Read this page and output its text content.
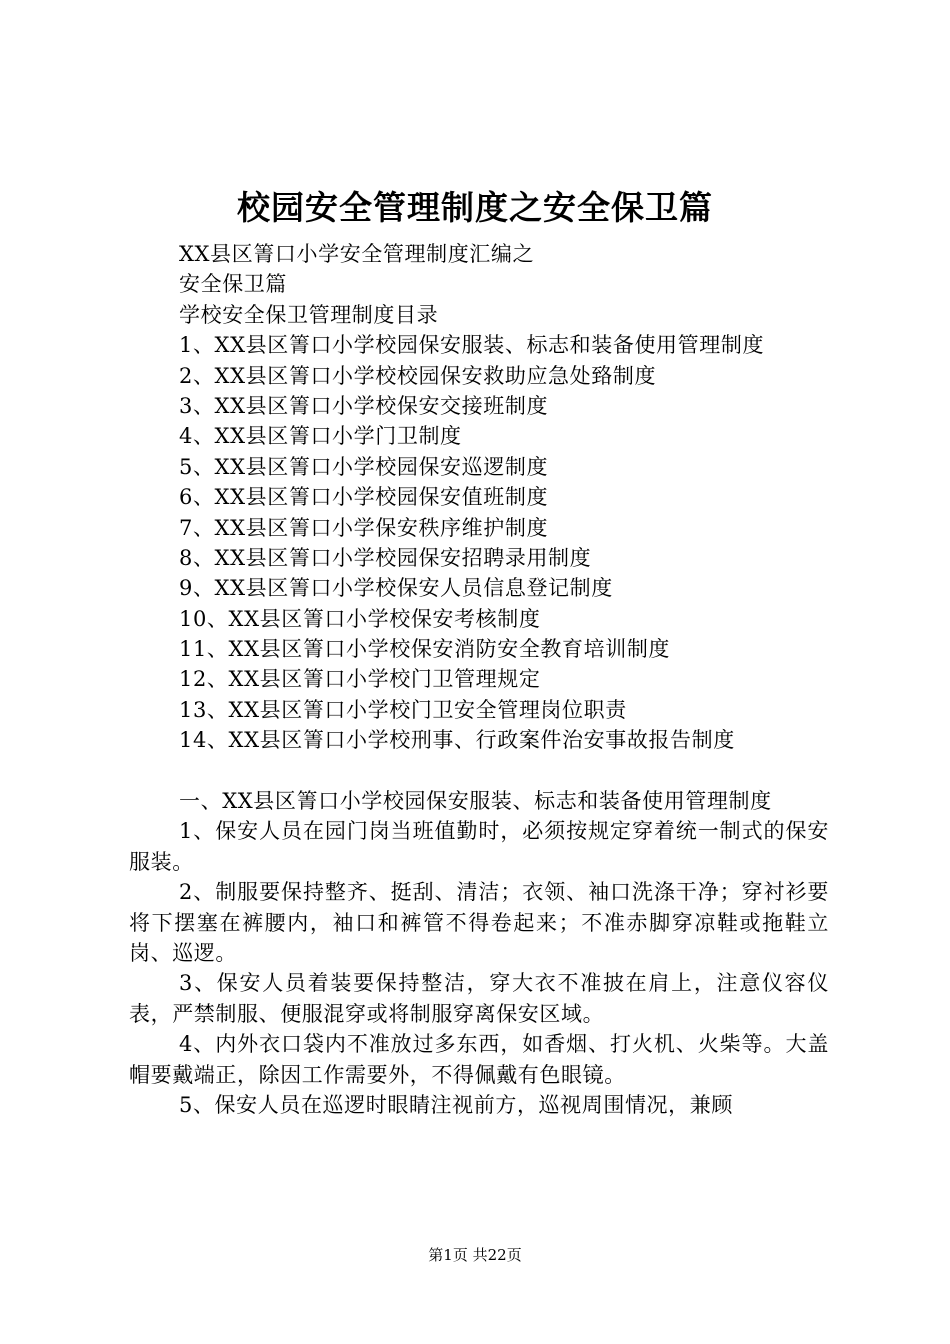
校园安全管理制度之安全保卫篇
XX县区箐口小学安全管理制度汇编之
安全保卫篇
学校安全保卫管理制度目录
1、XX县区箐口小学校园保安服装、标志和装备使用管理制度
2、XX县区箐口小学校校园保安救助应急处臵制度
3、XX县区箐口小学校保安交接班制度
4、XX县区箐口小学门卫制度
5、XX县区箐口小学校园保安巡逻制度
6、XX县区箐口小学校园保安值班制度
7、XX县区箐口小学保安秩序维护制度
8、XX县区箐口小学校园保安招聘录用制度
9、XX县区箐口小学校保安人员信息登记制度
10、XX县区箐口小学校保安考核制度
11、XX县区箐口小学校保安消防安全教育培训制度
12、XX县区箐口小学校门卫管理规定
13、XX县区箐口小学校门卫安全管理岗位职责
14、XX县区箐口小学校刑事、行政案件治安事故报告制度
一、XX县区箐口小学校园保安服装、标志和装备使用管理制度
1、保安人员在园门岗当班值勤时，必须按规定穿着统一制式的保安服装。
2、制服要保持整齐、挺刮、清洁；衣领、袖口洗涤干净；穿衬衫要将下摆塞在裤腰内，袖口和裤管不得卷起来；不准赤脚穿凉鞋或拖鞋立岗、巡逻。
3、保安人员着装要保持整洁，穿大衣不准披在肩上，注意仪容仪表，严禁制服、便服混穿或将制服穿离保安区域。
4、内外衣口袋内不准放过多东西，如香烟、打火机、火柴等。大盖帽要戴端正，除因工作需要外，不得佩戴有色眼镜。
5、保安人员在巡逻时眼睛注视前方，巡视周围情况，兼顾
第1页 共22页
